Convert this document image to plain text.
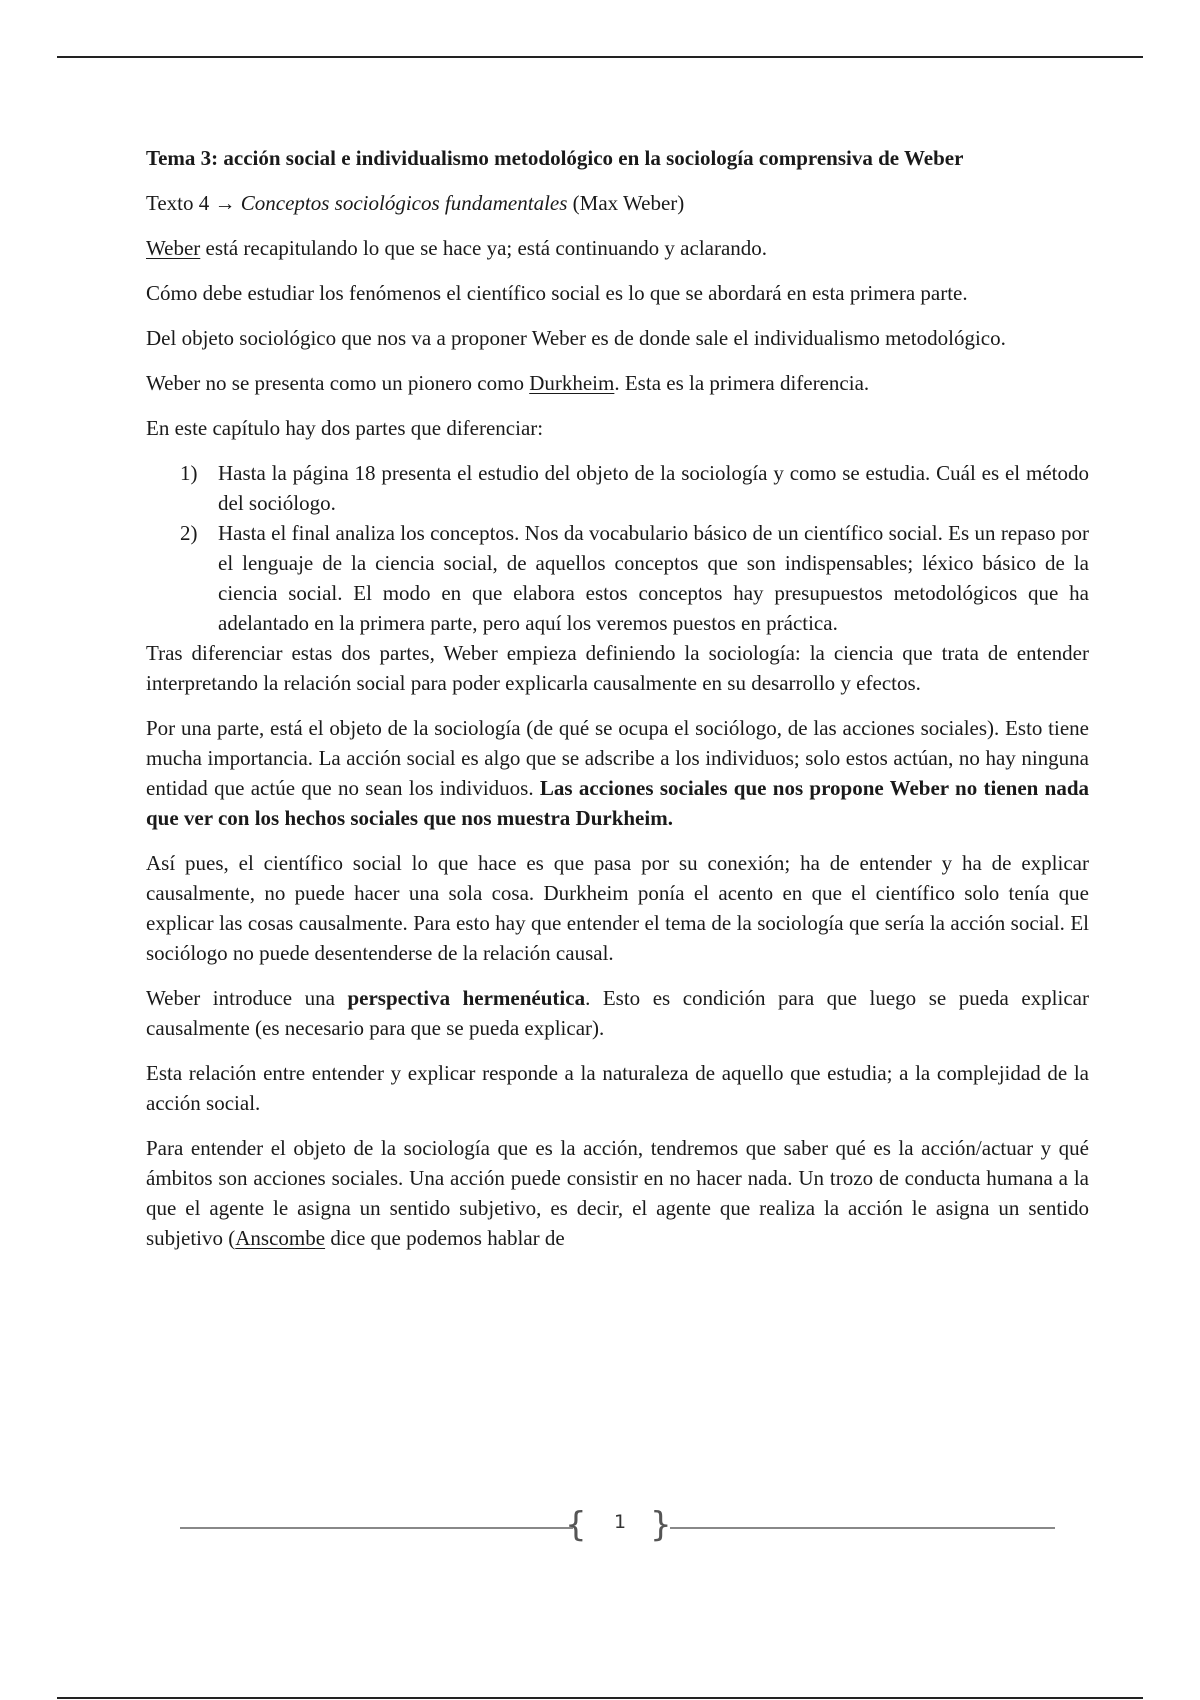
Tema 3: acción social e individualismo metodológico en la sociología comprensiva de Weber

Texto 4 → Conceptos sociológicos fundamentales (Max Weber)

Weber está recapitulando lo que se hace ya; está continuando y aclarando.

Cómo debe estudiar los fenómenos el científico social es lo que se abordará en esta primera parte.

Del objeto sociológico que nos va a proponer Weber es de donde sale el individualismo metodológico.

Weber no se presenta como un pionero como Durkheim. Esta es la primera diferencia.

En este capítulo hay dos partes que diferenciar:

1) Hasta la página 18 presenta el estudio del objeto de la sociología y como se estudia. Cuál es el método del sociólogo.
2) Hasta el final analiza los conceptos. Nos da vocabulario básico de un científico social. Es un repaso por el lenguaje de la ciencia social, de aquellos conceptos que son indispensables; léxico básico de la ciencia social. El modo en que elabora estos conceptos hay presupuestos metodológicos que ha adelantado en la primera parte, pero aquí los veremos puestos en práctica.

Tras diferenciar estas dos partes, Weber empieza definiendo la sociología: la ciencia que trata de entender interpretando la relación social para poder explicarla causalmente en su desarrollo y efectos.

Por una parte, está el objeto de la sociología (de qué se ocupa el sociólogo, de las acciones sociales). Esto tiene mucha importancia. La acción social es algo que se adscribe a los individuos; solo estos actúan, no hay ninguna entidad que actúe que no sean los individuos. Las acciones sociales que nos propone Weber no tienen nada que ver con los hechos sociales que nos muestra Durkheim.

Así pues, el científico social lo que hace es que pasa por su conexión; ha de entender y ha de explicar causalmente, no puede hacer una sola cosa. Durkheim ponía el acento en que el científico solo tenía que explicar las cosas causalmente. Para esto hay que entender el tema de la sociología que sería la acción social. El sociólogo no puede desentenderse de la relación causal.

Weber introduce una perspectiva hermenéutica. Esto es condición para que luego se pueda explicar causalmente (es necesario para que se pueda explicar).

Esta relación entre entender y explicar responde a la naturaleza de aquello que estudia; a la complejidad de la acción social.

Para entender el objeto de la sociología que es la acción, tendremos que saber qué es la acción/actuar y qué ámbitos son acciones sociales. Una acción puede consistir en no hacer nada. Un trozo de conducta humana a la que el agente le asigna un sentido subjetivo, es decir, el agente que realiza la acción le asigna un sentido subjetivo (Anscombe dice que podemos hablar de

{	1 }
